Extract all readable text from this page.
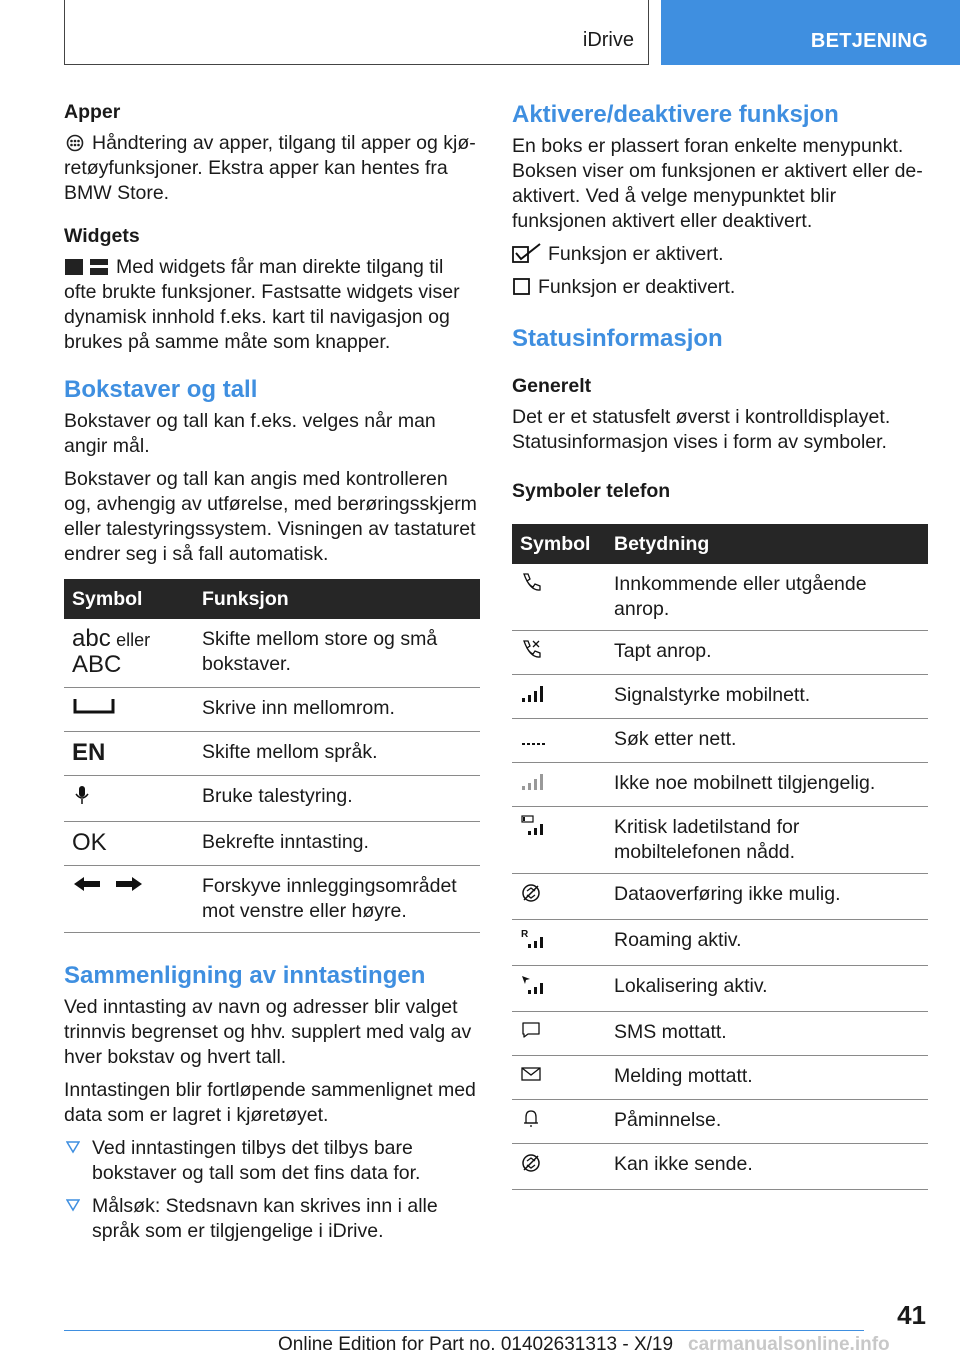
iDrive	BETJENING
Apper

Håndtering av apper, tilgang til apper og kjøretøyfunksjoner. Ekstra apper kan hentes fra BMW Store.

Widgets

Med widgets får man direkte tilgang til ofte brukte funksjoner. Fastsatte widgets viser dynamisk innhold f.eks. kart til navigasjon og brukes på samme måte som knapper.

Bokstaver og tall

Bokstaver og tall kan f.eks. velges når man angir mål.

Bokstaver og tall kan angis med kontrolleren og, avhengig av utførelse, med berøringsskjerm eller talestyringssystem. Visningen av tastaturet endrer seg i så fall automatisk.

Symbol	Funksjon
abc eller
ABC	Skifte mellom store og små bokstaver.
	Skrive inn mellomrom.
EN	Skifte mellom språk.
	Bruke talestyring.
OK	Bekrefte inntasting.
	Forskyve innleggingsområdet mot venstre eller høyre.
Sammenligning av inntastingen

Ved inntasting av navn og adresser blir valget trinnvis begrenset og hhv. supplert med valg av hver bokstav og hvert tall.

Inntastingen blir fortløpende sammenlignet med data som er lagret i kjøretøyet.

Ved inntastingen tilbys det tilbys bare bokstaver og tall som det fins data for.
Målsøk: Stedsnavn kan skrives inn i alle språk som er tilgjengelige i iDrive.
Aktivere/deaktivere funksjon

En boks er plassert foran enkelte menypunkt. Boksen viser om funksjonen er aktivert eller deaktivert. Ved å velge menypunktet blir funksjonen aktivert eller deaktivert.

Funksjon er aktivert.

Funksjon er deaktivert.

Statusinformasjon
Generelt

Det er et statusfelt øverst i kontrolldisplayet. Statusinformasjon vises i form av symboler.

Symboler telefon
Symbol	Betydning
	Innkommende eller utgående anrop.
	Tapt anrop.
	Signalstyrke mobilnett.
	Søk etter nett.
	Ikke noe mobilnett tilgjengelig.
	Kritisk ladetilstand for mobiltelefonen nådd.
	Dataoverføring ikke mulig.

R	Roaming aktiv.
	Lokalisering aktiv.
	SMS mottatt.
	Melding mottatt.
	Påminnelse.
	Kan ikke sende.
41
Online Edition for Part no. 01402631313 - X/19 carmanualsonline.info
